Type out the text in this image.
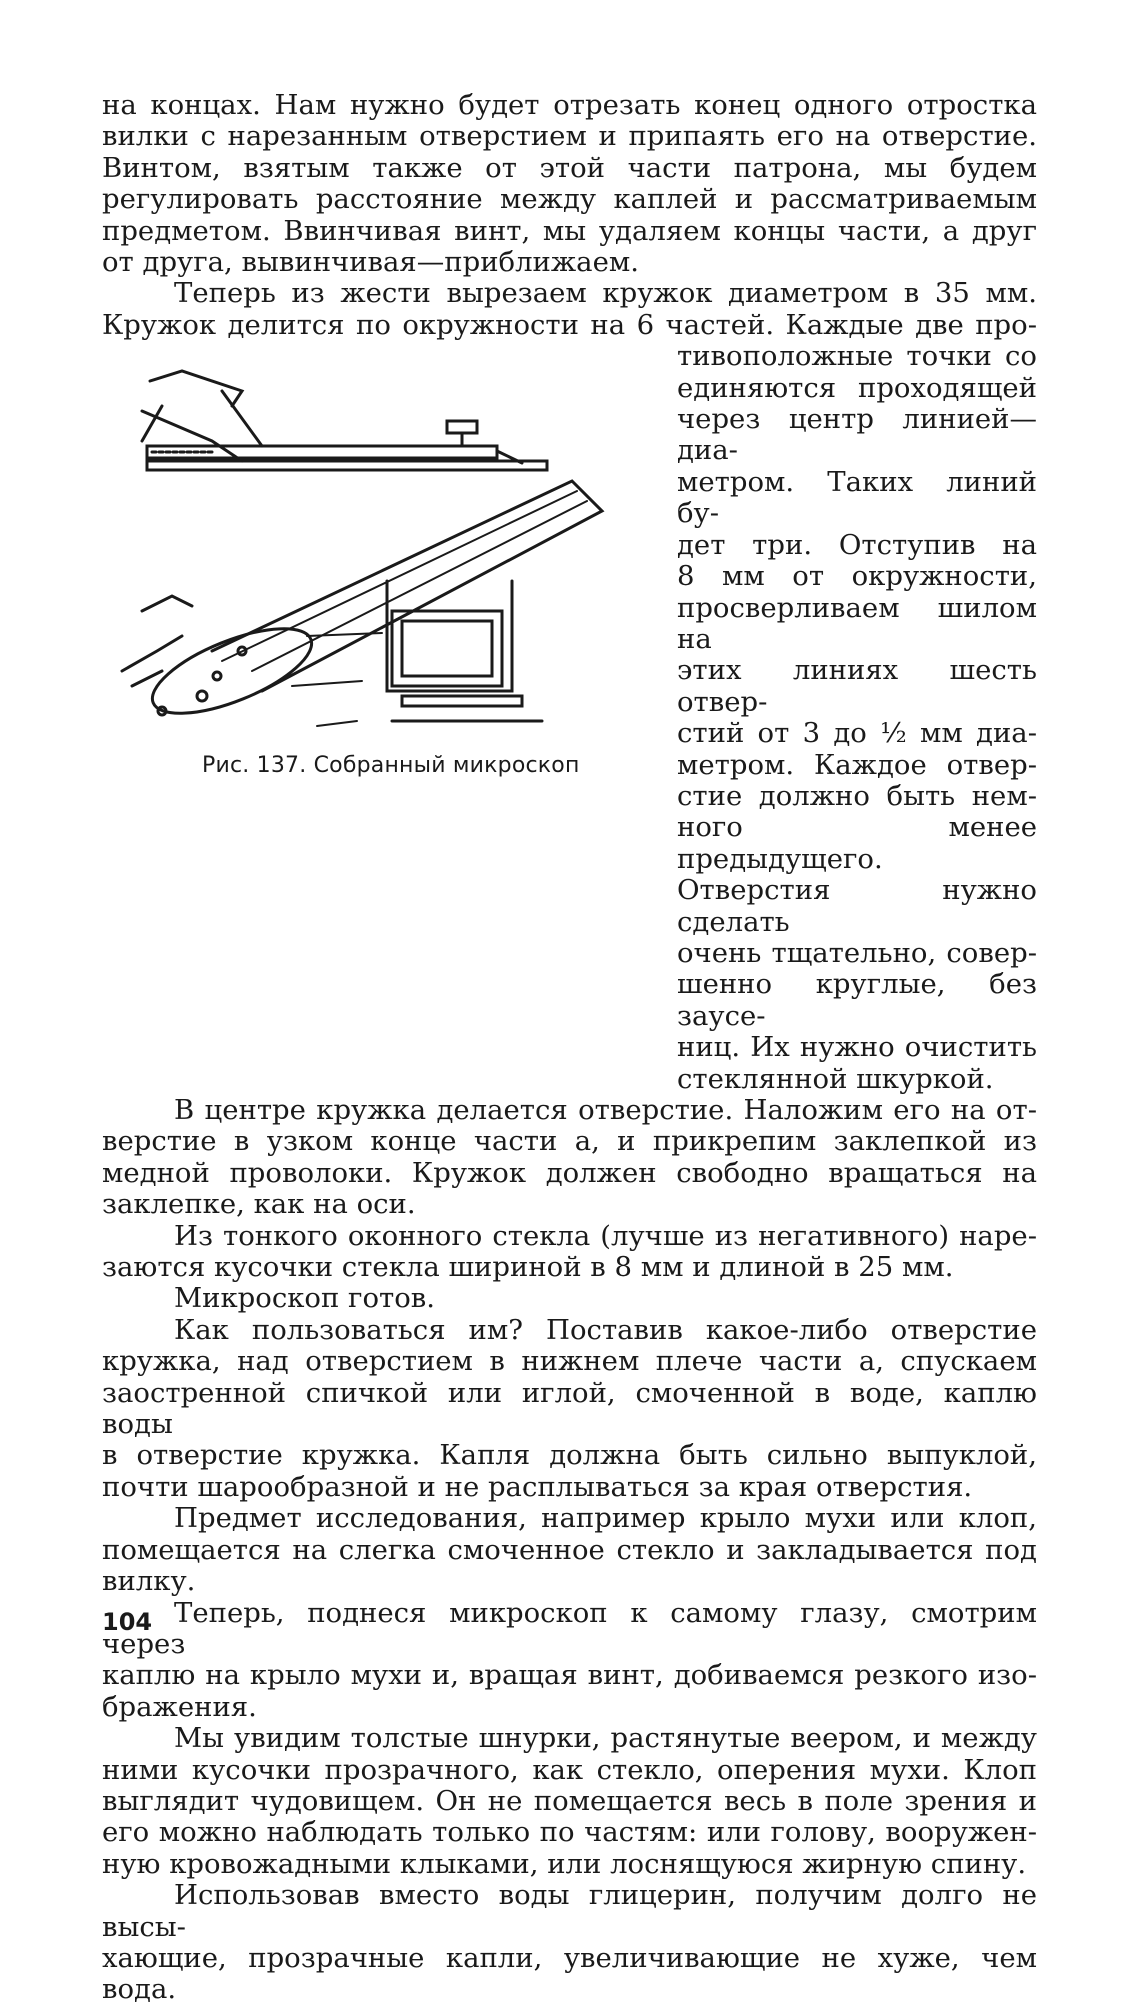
на концах. Нам нужно будет отрезать конец одного отростка

вилки с нарезанным отверстием и припаять его на отверстие.

Винтом, взятым также от этой части патрона, мы будем

регулировать расстояние между каплей и рассматриваемым

предметом. Ввинчивая винт, мы удаляем концы части, а друг

от друга, вывинчивая—приближаем.

Теперь из жести вырезаем кружок диаметром в 35 мм.

Кружок делится по окружности на 6 частей. Каждые две про-

Рис. 137. Собранный микроскоп

тивоположные точки со

единяются проходящей

через центр линией—диа-

метром. Таких линий бу-

дет три. Отступив на

8 мм от окружности,

просверливаем шилом на

этих линиях шесть отвер-

стий от 3 до ½ мм диа-

метром. Каждое отвер-

стие должно быть нем-

ного менее предыдущего.

Отверстия нужно сделать

очень тщательно, совер-

шенно круглые, без заусе-

ниц. Их нужно очистить

стеклянной шкуркой.

В центре кружка делается отверстие. Наложим его на от-

верстие в узком конце части а, и прикрепим заклепкой из

медной проволоки. Кружок должен свободно вращаться на

заклепке, как на оси.

Из тонкого оконного стекла (лучше из негативного) наре-

заются кусочки стекла шириной в 8 мм и длиной в 25 мм.

Микроскоп готов.

Как пользоваться им? Поставив какое-либо отверстие

кружка, над отверстием в нижнем плече части а, спускаем

заостренной спичкой или иглой, смоченной в воде, каплю воды

в отверстие кружка. Капля должна быть сильно выпуклой,

почти шарообразной и не расплываться за края отверстия.

Предмет исследования, например крыло мухи или клоп,

помещается на слегка смоченное стекло и закладывается под

вилку.

Теперь, поднеся микроскоп к самому глазу, смотрим через

каплю на крыло мухи и, вращая винт, добиваемся резкого изо-

бражения.

Мы увидим толстые шнурки, растянутые веером, и между

ними кусочки прозрачного, как стекло, оперения мухи. Клоп

выглядит чудовищем. Он не помещается весь в поле зрения и

его можно наблюдать только по частям: или голову, вооружен-

ную кровожадными клыками, или лоснящуюся жирную спину.

Использовав вместо воды глицерин, получим долго не высы-

хающие, прозрачные капли, увеличивающие не хуже, чем вода.

104
